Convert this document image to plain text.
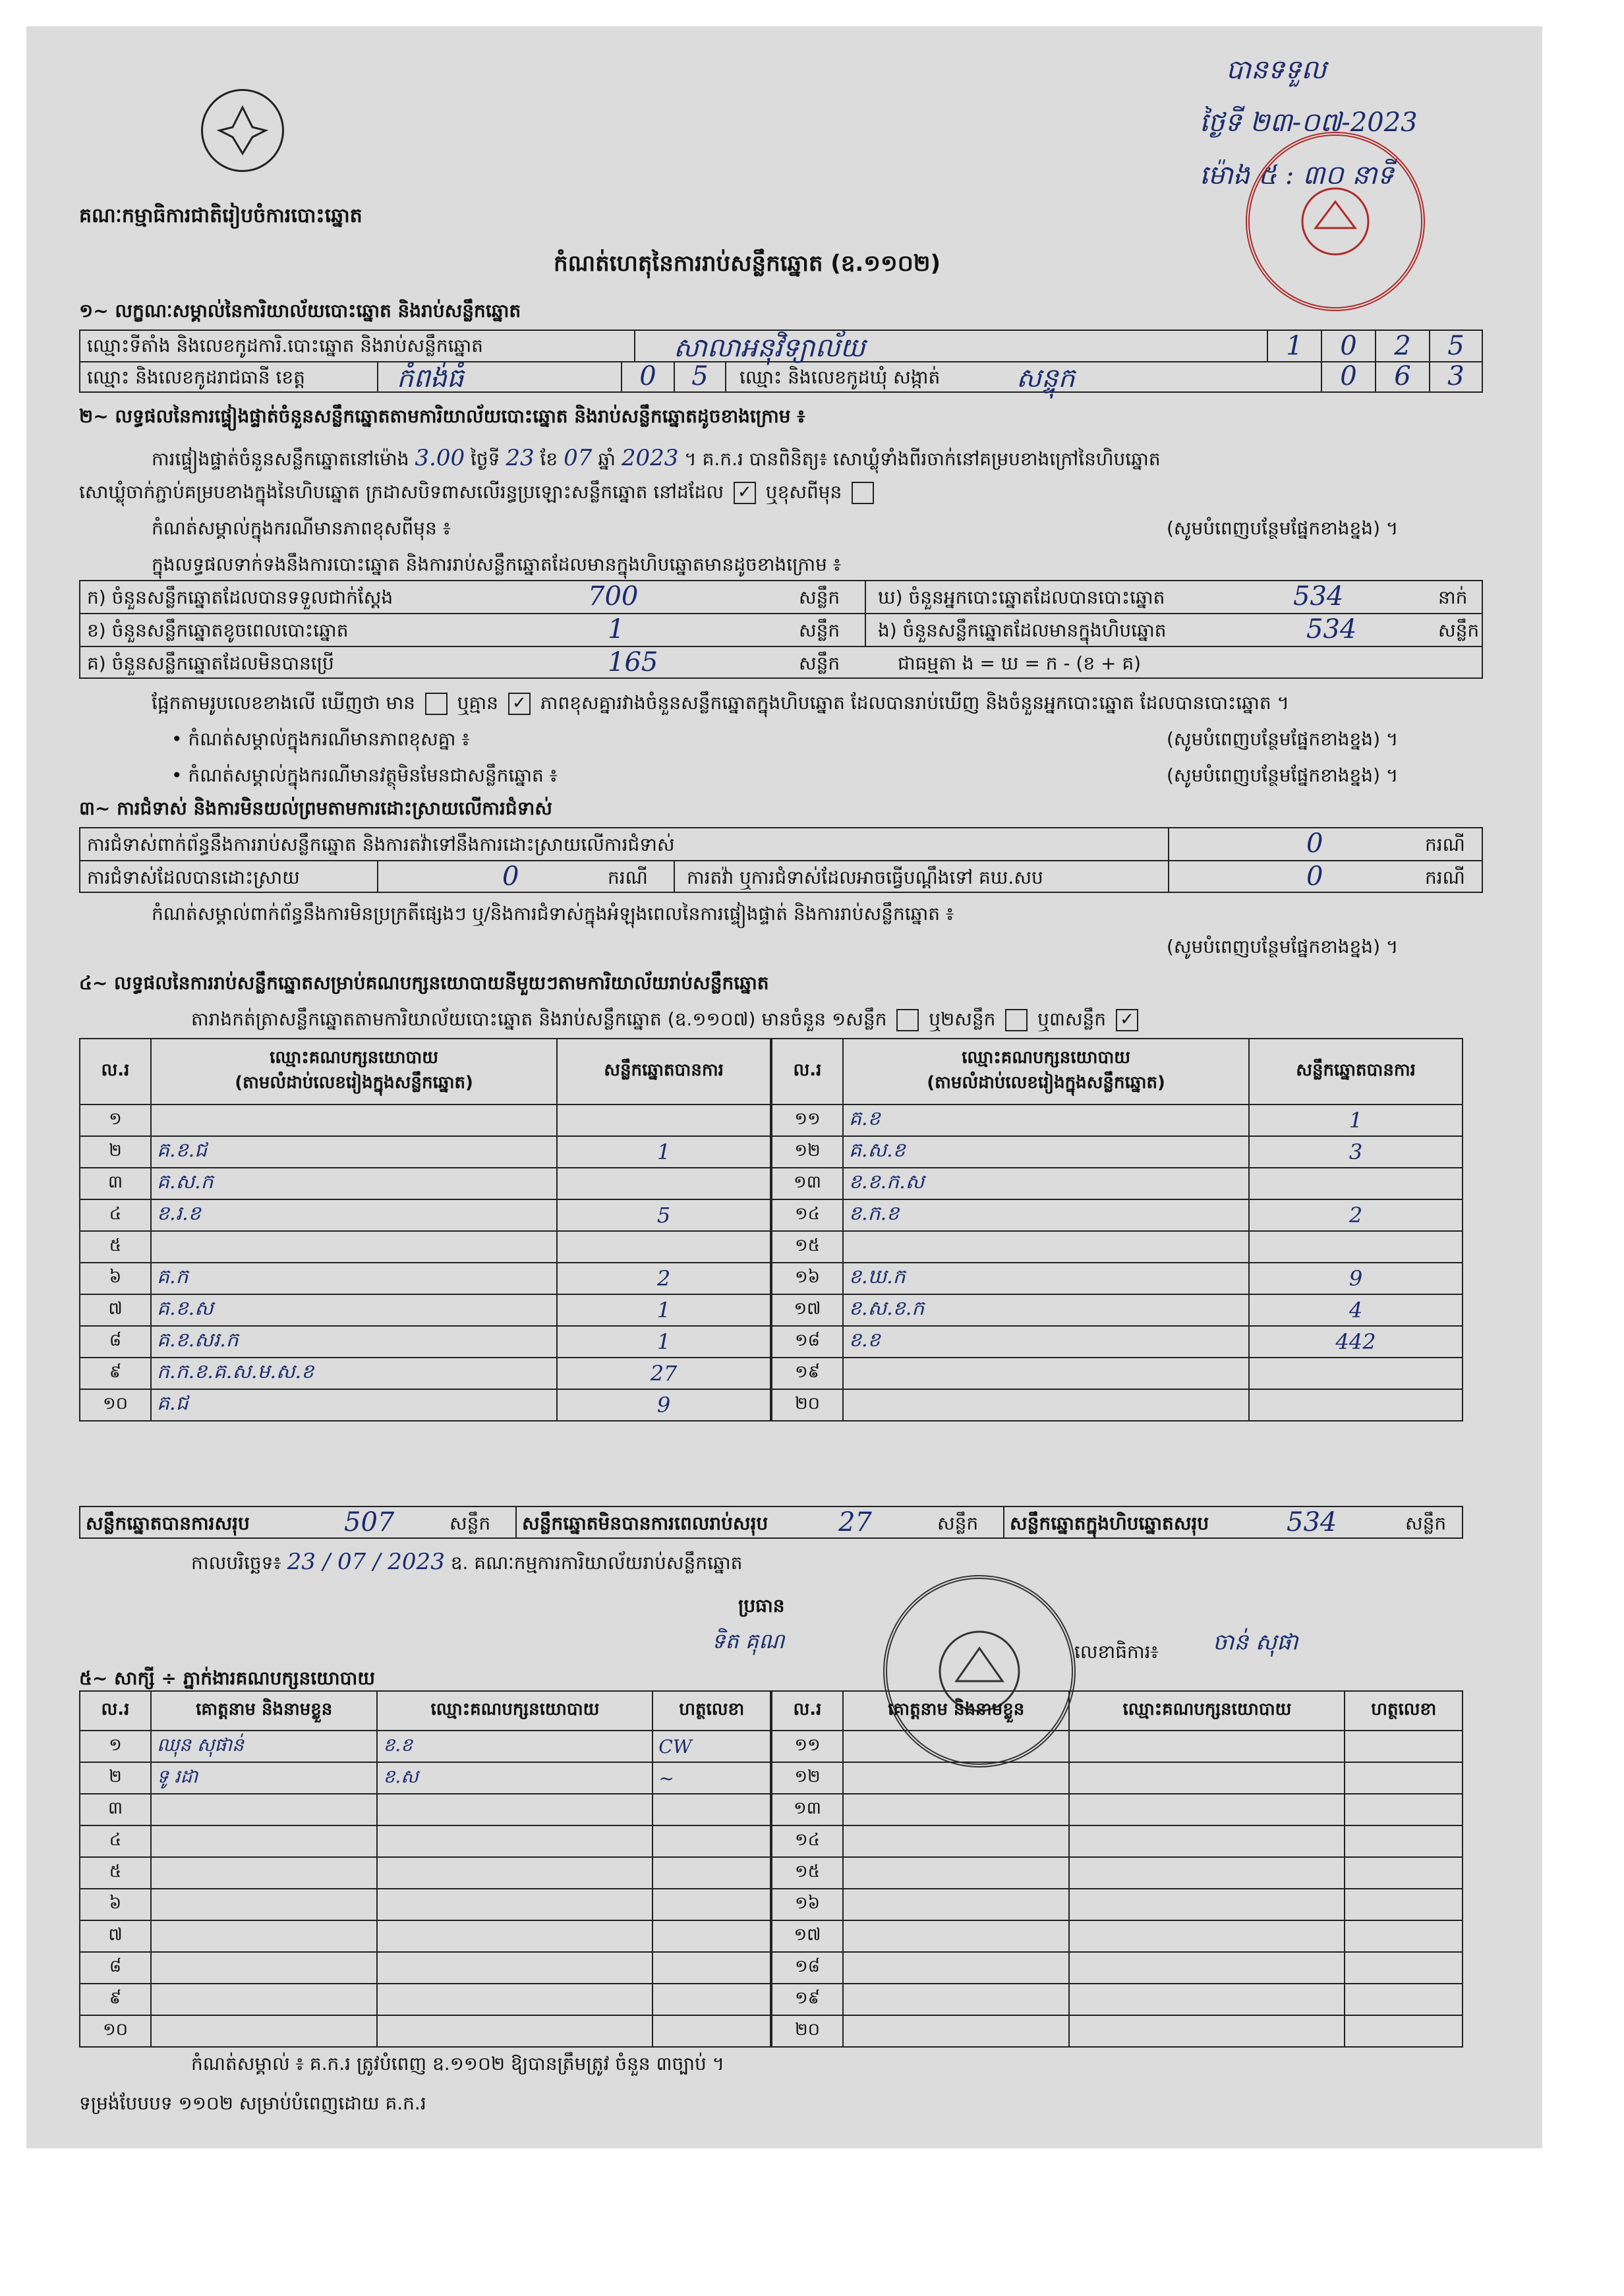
គណៈកម្មាធិការជាតិរៀបចំការបោះឆ្នោត
កំណត់ហេតុនៃការរាប់សន្លឹកឆ្នោត (ឧ.១១០២)
បានទទួល
ថ្ងៃទី ២៣-០៧-2023
ម៉ោង ៥ : ៣០ នាទី
១~ លក្ខណៈសម្គាល់នៃការិយាល័យបោះឆ្នោត និងរាប់សន្លឹកឆ្នោត
ឈ្មោះទីតាំង និងលេខកូដការិ.បោះឆ្នោត និងរាប់សន្លឹកឆ្នោត	សាលាអនុវិទ្យាល័យ	1	0	2	5
ឈ្មោះ និងលេខកូដរាជធានី ខេត្ត	កំពង់ធំ	0	5	ឈ្មោះ និងលេខកូដឃុំ សង្កាត់	សន្ទុក	0	6	3
២~ លទ្ធផលនៃការផ្ទៀងផ្ទាត់ចំនួនសន្លឹកឆ្នោតតាមការិយាល័យបោះឆ្នោត និងរាប់សន្លឹកឆ្នោតដូចខាងក្រោម ៖
ការផ្ទៀងផ្ទាត់ចំនួនសន្លឹកឆ្នោតនៅម៉ោង 3.00 ថ្ងៃទី 23 ខែ 07 ឆ្នាំ 2023 ។ គ.ក.រ បានពិនិត្យ៖ សោឃ្លុំទាំងពីរចាក់នៅគម្របខាងក្រៅនៃហិបឆ្នោត
សោឃ្លុំចាក់ភ្ជាប់គម្របខាងក្នុងនៃហិបឆ្នោត ក្រដាសបិទពាសលើរន្ធប្រឡោះសន្លឹកឆ្នោត នៅដដែល ✓ ឬខុសពីមុន
កំណត់សម្គាល់ក្នុងករណីមានភាពខុសពីមុន ៖	(សូមបំពេញបន្ថែមផ្នែកខាងខ្នង) ។
ក្នុងលទ្ធផលទាក់ទងនឹងការបោះឆ្នោត និងការរាប់សន្លឹកឆ្នោតដែលមានក្នុងហិបឆ្នោតមានដូចខាងក្រោម ៖
ក) ចំនួនសន្លឹកឆ្នោតដែលបានទទួលជាក់ស្តែង	700	សន្លឹក ឃ) ចំនួនអ្នកបោះឆ្នោតដែលបានបោះឆ្នោត	534	នាក់
ខ) ចំនួនសន្លឹកឆ្នោតខូចពេលបោះឆ្នោត	1	សន្លឹក ង) ចំនួនសន្លឹកឆ្នោតដែលមានក្នុងហិបឆ្នោត	534	សន្លឹក
គ) ចំនួនសន្លឹកឆ្នោតដែលមិនបានប្រើ	165	សន្លឹក	ជាធម្មតា ង = ឃ = ក - (ខ + គ)
ផ្អែកតាមរូបលេខខាងលើ ឃើញថា មាន ឬគ្មាន ✓ ភាពខុសគ្នារវាងចំនួនសន្លឹកឆ្នោតក្នុងហិបឆ្នោត ដែលបានរាប់ឃើញ និងចំនួនអ្នកបោះឆ្នោត ដែលបានបោះឆ្នោត ។
• កំណត់សម្គាល់ក្នុងករណីមានភាពខុសគ្នា ៖	(សូមបំពេញបន្ថែមផ្នែកខាងខ្នង) ។
• កំណត់សម្គាល់ក្នុងករណីមានវត្ថុមិនមែនជាសន្លឹកឆ្នោត ៖	(សូមបំពេញបន្ថែមផ្នែកខាងខ្នង) ។
៣~ ការជំទាស់ និងការមិនយល់ព្រមតាមការដោះស្រាយលើការជំទាស់
ការជំទាស់ពាក់ព័ន្ធនឹងការរាប់សន្លឹកឆ្នោត និងការតវ៉ាទៅនឹងការដោះស្រាយលើការជំទាស់	0	ករណី
ការជំទាស់ដែលបានដោះស្រាយ	0	ករណី ការតវ៉ា ឬការជំទាស់ដែលអាចធ្វើបណ្តឹងទៅ គឃ.សប	0	ករណី
កំណត់សម្គាល់ពាក់ព័ន្ធនឹងការមិនប្រក្រតីផ្សេងៗ ឬ/និងការជំទាស់ក្នុងអំឡុងពេលនៃការផ្ទៀងផ្ទាត់ និងការរាប់សន្លឹកឆ្នោត ៖
(សូមបំពេញបន្ថែមផ្នែកខាងខ្នង) ។
៤~ លទ្ធផលនៃការរាប់សន្លឹកឆ្នោតសម្រាប់គណបក្សនយោបាយនីមួយៗតាមការិយាល័យរាប់សន្លឹកឆ្នោត
តារាងកត់ត្រាសន្លឹកឆ្នោតតាមការិយាល័យបោះឆ្នោត និងរាប់សន្លឹកឆ្នោត (ឧ.១១០៧) មានចំនួន ១សន្លឹក ឬ២សន្លឹក ឬ៣សន្លឹក ✓
ល.រ	ឈ្មោះគណបក្សនយោបាយ
(តាមលំដាប់លេខរៀងក្នុងសន្លឹកឆ្នោត)	សន្លឹកឆ្នោតបានការ
១		
២	គ.ខ.ជ	1
៣	គ.ស.ក	
៤	ខ.រ.ខ	5
៥		
៦	គ.ក	2
៧	គ.ខ.ស	1
៨	គ.ខ.សរ.ក	1
៩	ក.ក.ខ.គ.ស.ម.ស.ខ	27
១០	គ.ជ	9
ល.រ	ឈ្មោះគណបក្សនយោបាយ
(តាមលំដាប់លេខរៀងក្នុងសន្លឹកឆ្នោត)	សន្លឹកឆ្នោតបានការ
១១	គ.ខ	1
១២	គ.ស.ខ	3
១៣	ខ.ខ.ក.ស	
១៤	ខ.ក.ខ	2
១៥		
១៦	ខ.ឃ.ក	9
១៧	ខ.ស.ខ.ក	4
១៨	ខ.ខ	442
១៩		
២០		
សន្លឹកឆ្នោតបានការសរុប	507	សន្លឹក សន្លឹកឆ្នោតមិនបានការពេលរាប់សរុប	27	សន្លឹក សន្លឹកឆ្នោតក្នុងហិបឆ្នោតសរុប	534	សន្លឹក
កាលបរិច្ឆេទ៖ 23 / 07 / 2023 ឧ. គណៈកម្មការការិយាល័យរាប់សន្លឹកឆ្នោត
ប្រធាន
ទិត គុណ	លេខាធិការ៖ ចាន់ សុផា
៥~ សាក្សី ÷ ភ្នាក់ងារគណបក្សនយោបាយ
ល.រ	គោត្តនាម និងនាមខ្លួន	ឈ្មោះគណបក្សនយោបាយ	ហត្ថលេខា
១	ឈុន សុផាន់	ខ.ខ	CW
២	ទូ រដា	ខ.ស	~
៣			
៤			
៥			
៦			
៧			
៨			
៩			
១០			
ល.រ	គោត្តនាម និងនាមខ្លួន	ឈ្មោះគណបក្សនយោបាយ	ហត្ថលេខា
១១			
១២			
១៣			
១៤			
១៥			
១៦			
១៧			
១៨			
១៩			
២០			
កំណត់សម្គាល់ ៖ គ.ក.រ ត្រូវបំពេញ ឧ.១១០២ ឱ្យបានត្រឹមត្រូវ ចំនួន ៣ច្បាប់ ។
ទម្រង់បែបបទ ១១០២ សម្រាប់បំពេញដោយ គ.ក.រ
